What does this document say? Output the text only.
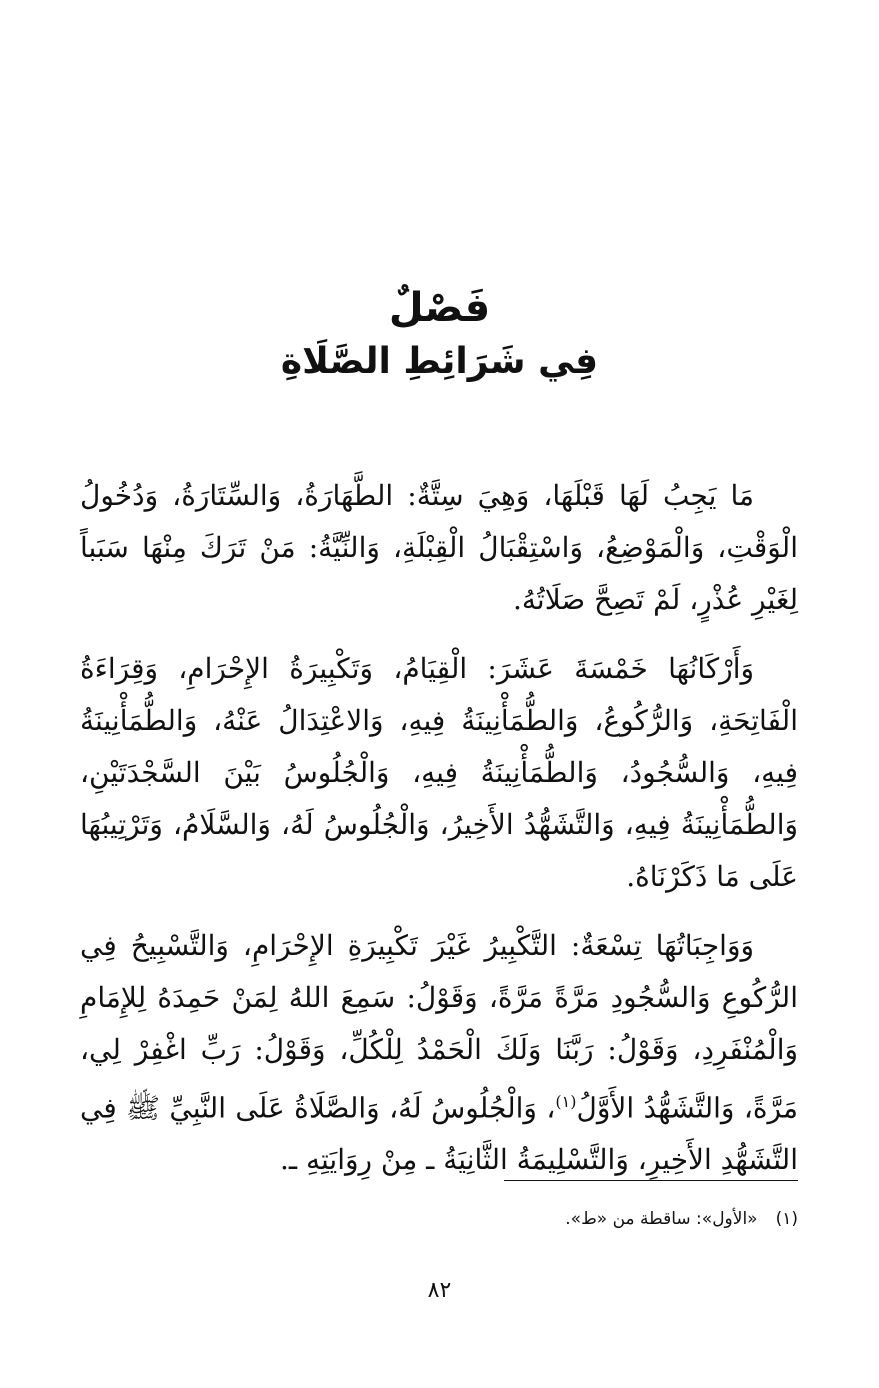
فَصْلٌ
فِي شَرَائِطِ الصَّلَاةِ

مَا يَجِبُ لَهَا قَبْلَهَا، وَهِيَ سِتَّةٌ: الطَّهَارَةُ، وَالسِّتَارَةُ، وَدُخُولُ الْوَقْتِ، وَالْمَوْضِعُ، وَاسْتِقْبَالُ الْقِبْلَةِ، وَالنِّيَّةُ: مَنْ تَرَكَ مِنْهَا سَبَباً لِغَيْرِ عُذْرٍ، لَمْ تَصِحَّ صَلَاتُهُ.

وَأَرْكَانُهَا خَمْسَةَ عَشَرَ: الْقِيَامُ، وَتَكْبِيرَةُ الإِحْرَامِ، وَقِرَاءَةُ الْفَاتِحَةِ، وَالرُّكُوعُ، وَالطُّمَأْنِينَةُ فِيهِ، وَالاعْتِدَالُ عَنْهُ، وَالطُّمَأْنِينَةُ فِيهِ، وَالسُّجُودُ، وَالطُّمَأْنِينَةُ فِيهِ، وَالْجُلُوسُ بَيْنَ السَّجْدَتَيْنِ، وَالطُّمَأْنِينَةُ فِيهِ، وَالتَّشَهُّدُ الأَخِيرُ، وَالْجُلُوسُ لَهُ، وَالسَّلَامُ، وَتَرْتِيبُهَا عَلَى مَا ذَكَرْنَاهُ.

وَوَاجِبَاتُهَا تِسْعَةٌ: التَّكْبِيرُ غَيْرَ تَكْبِيرَةِ الإِحْرَامِ، وَالتَّسْبِيحُ فِي الرُّكُوعِ وَالسُّجُودِ مَرَّةً مَرَّةً، وَقَوْلُ: سَمِعَ اللهُ لِمَنْ حَمِدَهُ لِلإِمَامِ وَالْمُنْفَرِدِ، وَقَوْلُ: رَبَّنَا وَلَكَ الْحَمْدُ لِلْكُلِّ، وَقَوْلُ: رَبِّ اغْفِرْ لِي، مَرَّةً، وَالتَّشَهُّدُ الأَوَّلُ$^{(١)}$، وَالْجُلُوسُ لَهُ، وَالصَّلَاةُ عَلَى النَّبِيِّ ﷺ فِي التَّشَهُّدِ الأَخِيرِ، وَالتَّسْلِيمَةُ الثَّانِيَةُ ـ مِنْ رِوَايَتِهِ ـ.

(١)«الأول»: ساقطة من «ط».
٨٢
